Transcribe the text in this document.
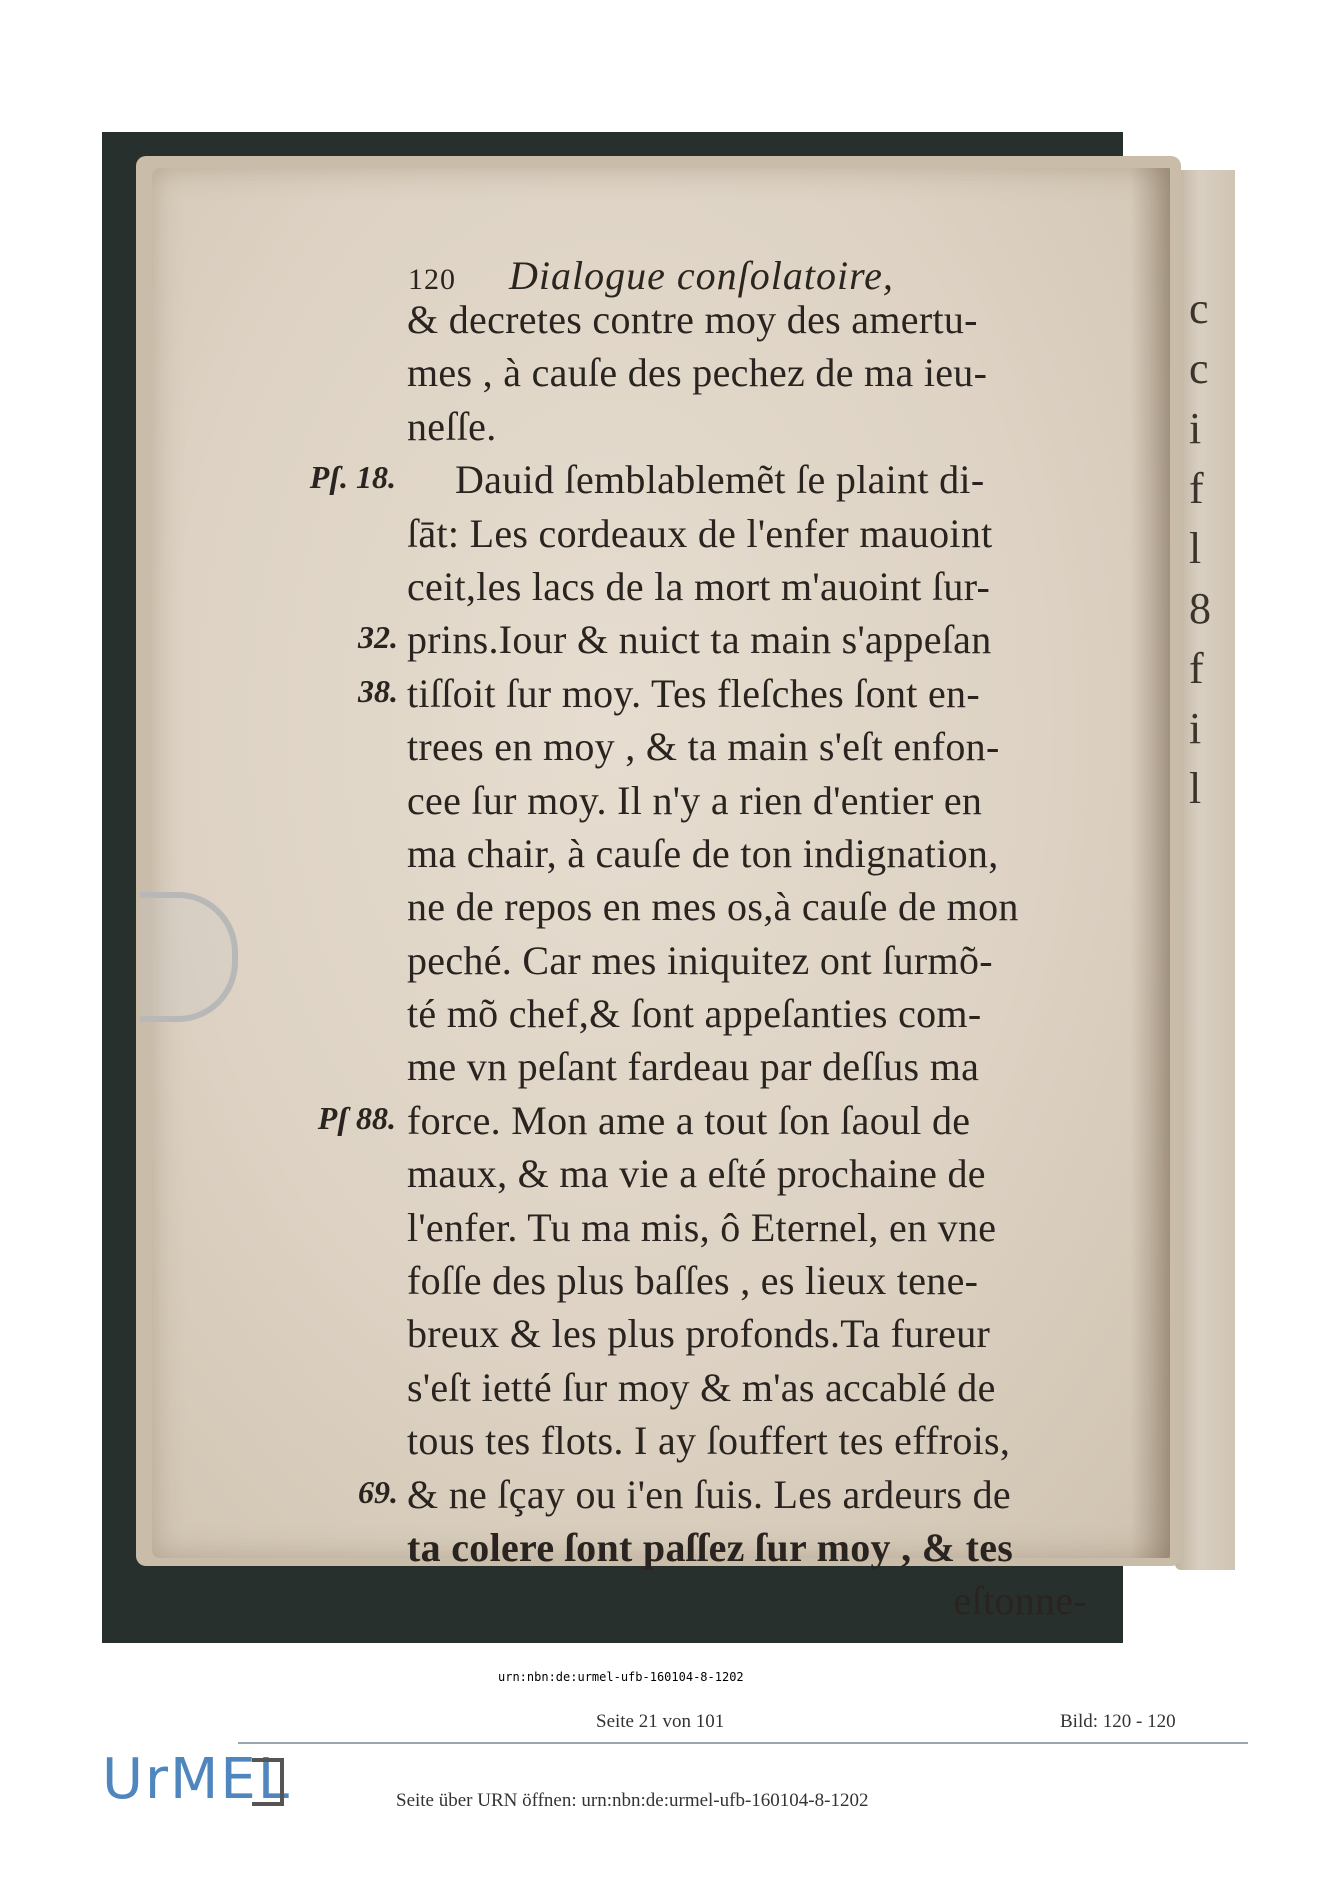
c
c
i
f
l
8
f
i
l
120 Dialogue conſolatoire,
Pſ. 18.
32.
38.
Pſ 88.
69.
& decretes contre moy des amertu-
mes , à cauſe des pechez de ma ieu-
neſſe.
Dauid ſemblablemẽt ſe plaint di-
ſāt: Les cordeaux de l'enfer mauoint
ceit,les lacs de la mort m'auoint ſur-
prins.Iour & nuict ta main s'appeſan
tiſſoit ſur moy. Tes fleſches ſont en-
trees en moy , & ta main s'eſt enfon-
cee ſur moy. Il n'y a rien d'entier en
ma chair, à cauſe de ton indignation,
ne de repos en mes os,à cauſe de mon
peché. Car mes iniquitez ont ſurmõ-
té mõ chef,& ſont appeſanties com-
me vn peſant fardeau par deſſus ma
force. Mon ame a tout ſon ſaoul de
maux, & ma vie a eſté prochaine de
l'enfer. Tu ma mis, ô Eternel, en vne
foſſe des plus baſſes , es lieux tene-
breux & les plus profonds.Ta fureur
s'eſt ietté ſur moy & m'as accablé de
tous tes flots. I ay ſouffert tes effrois,
& ne ſçay ou i'en ſuis. Les ardeurs de
ta colere ſont paſſez ſur moy , & tes
eſtonne-
urn:nbn:de:urmel-ufb-160104-8-1202
Seite 21 von 101	Bild: 120 - 120
UrMEL	Seite über URN öffnen: urn:nbn:de:urmel-ufb-160104-8-1202
